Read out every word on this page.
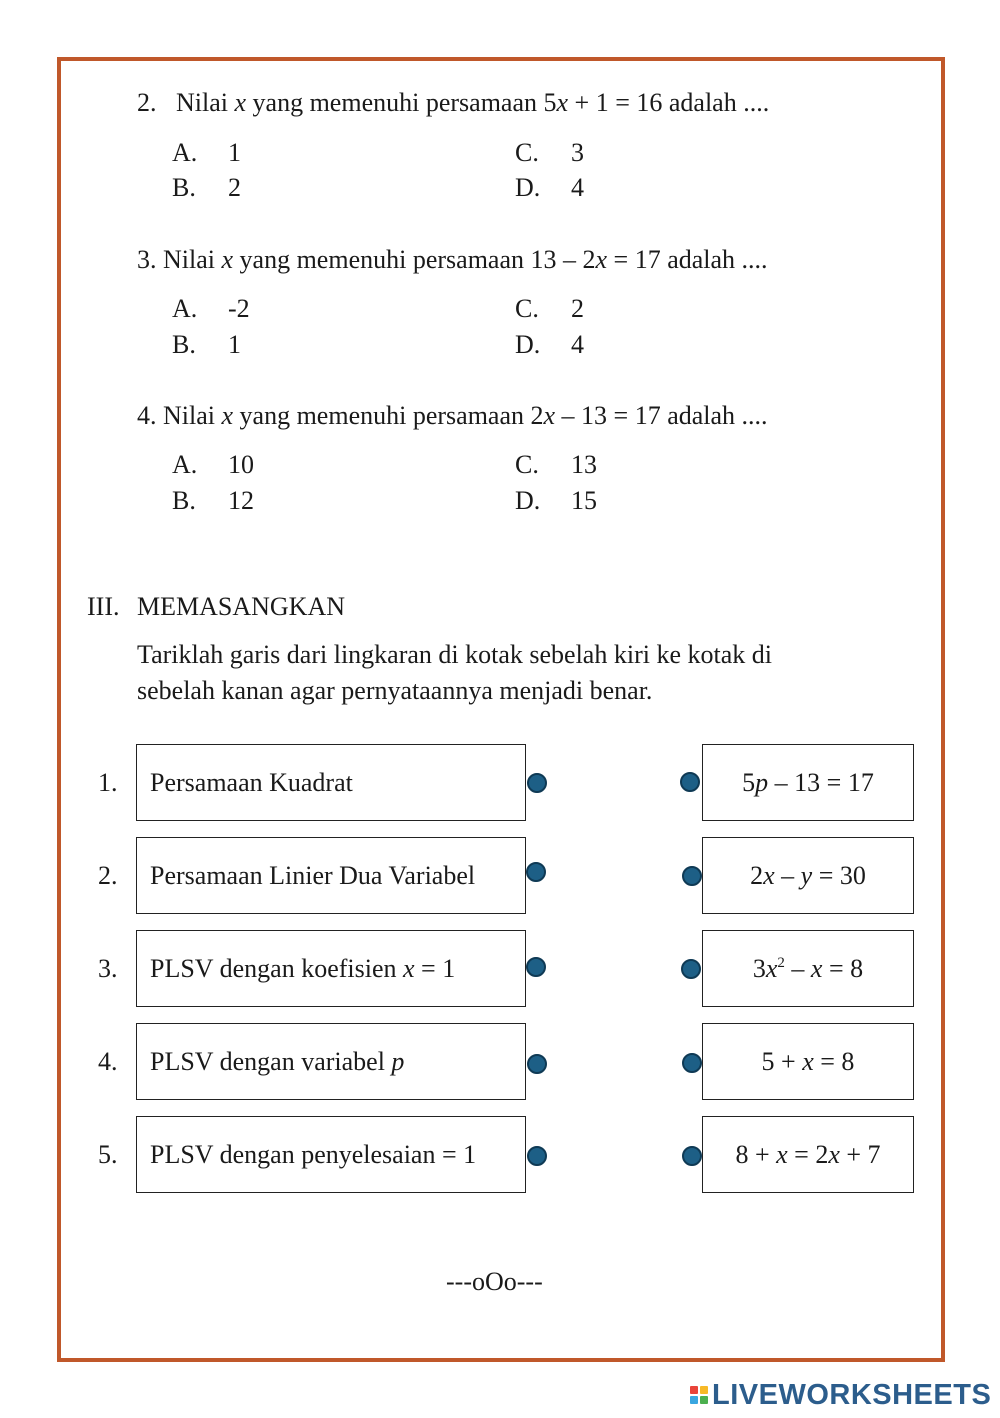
2. Nilai x yang memenuhi persamaan 5x + 1 = 16 adalah ....
A. 1	C. 3
B. 2	D. 4
3. Nilai x yang memenuhi persamaan 13 – 2x = 17 adalah ....
A. -2	C. 2
B. 1	D. 4
4. Nilai x yang memenuhi persamaan 2x – 13 = 17 adalah ....
A. 10	C. 13
B. 12	D. 15
III. MEMASANGKAN
Tariklah garis dari lingkaran di kotak sebelah kiri ke kotak di
sebelah kanan agar pernyataannya menjadi benar.
1. Persamaan Kuadrat
2. Persamaan Linier Dua Variabel
3. PLSV dengan koefisien x = 1
4. PLSV dengan variabel p
5. PLSV dengan penyelesaian = 1
5p – 13 = 17
2x – y = 30
$3x^2 - x = 8$
5 + x = 8
8 + x = 2x + 7
---oOo---
LIVEWORKSHEETS
